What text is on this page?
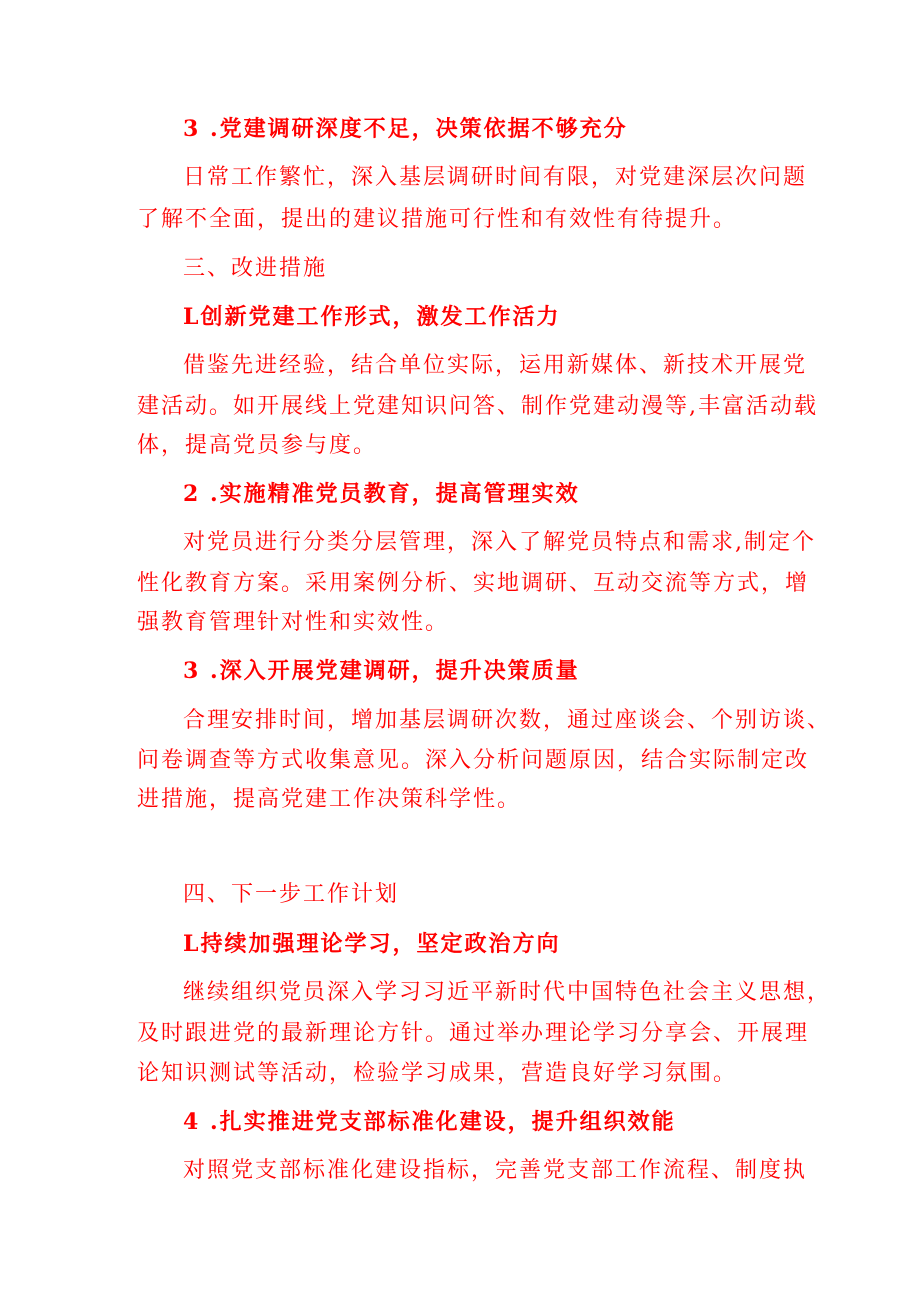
3 .党建调研深度不足，决策依据不够充分
日常工作繁忙，深入基层调研时间有限，对党建深层次问题
了解不全面，提出的建议措施可行性和有效性有待提升。
三、改进措施
L创新党建工作形式，激发工作活力
借鉴先进经验，结合单位实际，运用新媒体、新技术开展党
建活动。如开展线上党建知识问答、制作党建动漫等,丰富活动载
体，提高党员参与度。
2 .实施精准党员教育，提高管理实效
对党员进行分类分层管理，深入了解党员特点和需求,制定个
性化教育方案。采用案例分析、实地调研、互动交流等方式，增
强教育管理针对性和实效性。
3 .深入开展党建调研，提升决策质量
合理安排时间，增加基层调研次数，通过座谈会、个别访谈、
问卷调查等方式收集意见。深入分析问题原因，结合实际制定改
进措施，提高党建工作决策科学性。
四、下一步工作计划
L持续加强理论学习，坚定政治方向
继续组织党员深入学习习近平新时代中国特色社会主义思想，
及时跟进党的最新理论方针。通过举办理论学习分享会、开展理
论知识测试等活动，检验学习成果，营造良好学习氛围。
4 .扎实推进党支部标准化建设，提升组织效能
对照党支部标准化建设指标，完善党支部工作流程、制度执
